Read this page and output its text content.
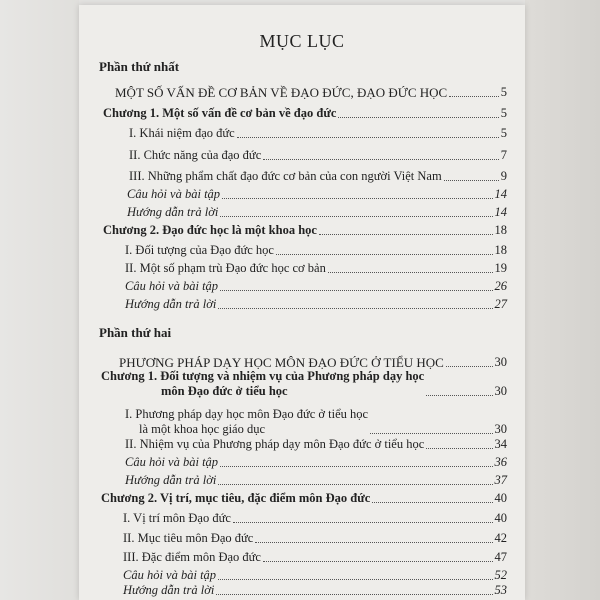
MỤC LỤC
Phần thứ nhất
MỘT SỐ VẤN ĐỀ CƠ BẢN VỀ ĐẠO ĐỨC, ĐẠO ĐỨC HỌC	5
Chương 1. Một số vấn đề cơ bản về đạo đức	5
I. Khái niệm đạo đức	5
II. Chức năng của đạo đức	7
III. Những phẩm chất đạo đức cơ bản của con người Việt Nam	9
Câu hỏi và bài tập	14
Hướng dẫn trả lời	14
Chương 2. Đạo đức học là một khoa học	18
I. Đối tượng của Đạo đức học	18
II. Một số phạm trù Đạo đức học cơ bản	19
Câu hỏi và bài tập	26
Hướng dẫn trả lời	27
Phần thứ hai
PHƯƠNG PHÁP DẠY HỌC MÔN ĐẠO ĐỨC Ở TIỂU HỌC	30
Chương 1. Đối tượng và nhiệm vụ của Phương pháp dạy học
môn Đạo đức ở tiểu học	30
I. Phương pháp dạy học môn Đạo đức ở tiểu học
là một khoa học giáo dục	30
II. Nhiệm vụ của Phương pháp dạy môn Đạo đức ở tiểu học	34
Câu hỏi và bài tập	36
Hướng dẫn trả lời	37
Chương 2. Vị trí, mục tiêu, đặc điểm môn Đạo đức	40
I. Vị trí môn Đạo đức	40
II. Mục tiêu môn Đạo đức	42
III. Đặc điểm môn Đạo đức	47
Câu hỏi và bài tập	52
Hướng dẫn trả lời	53
